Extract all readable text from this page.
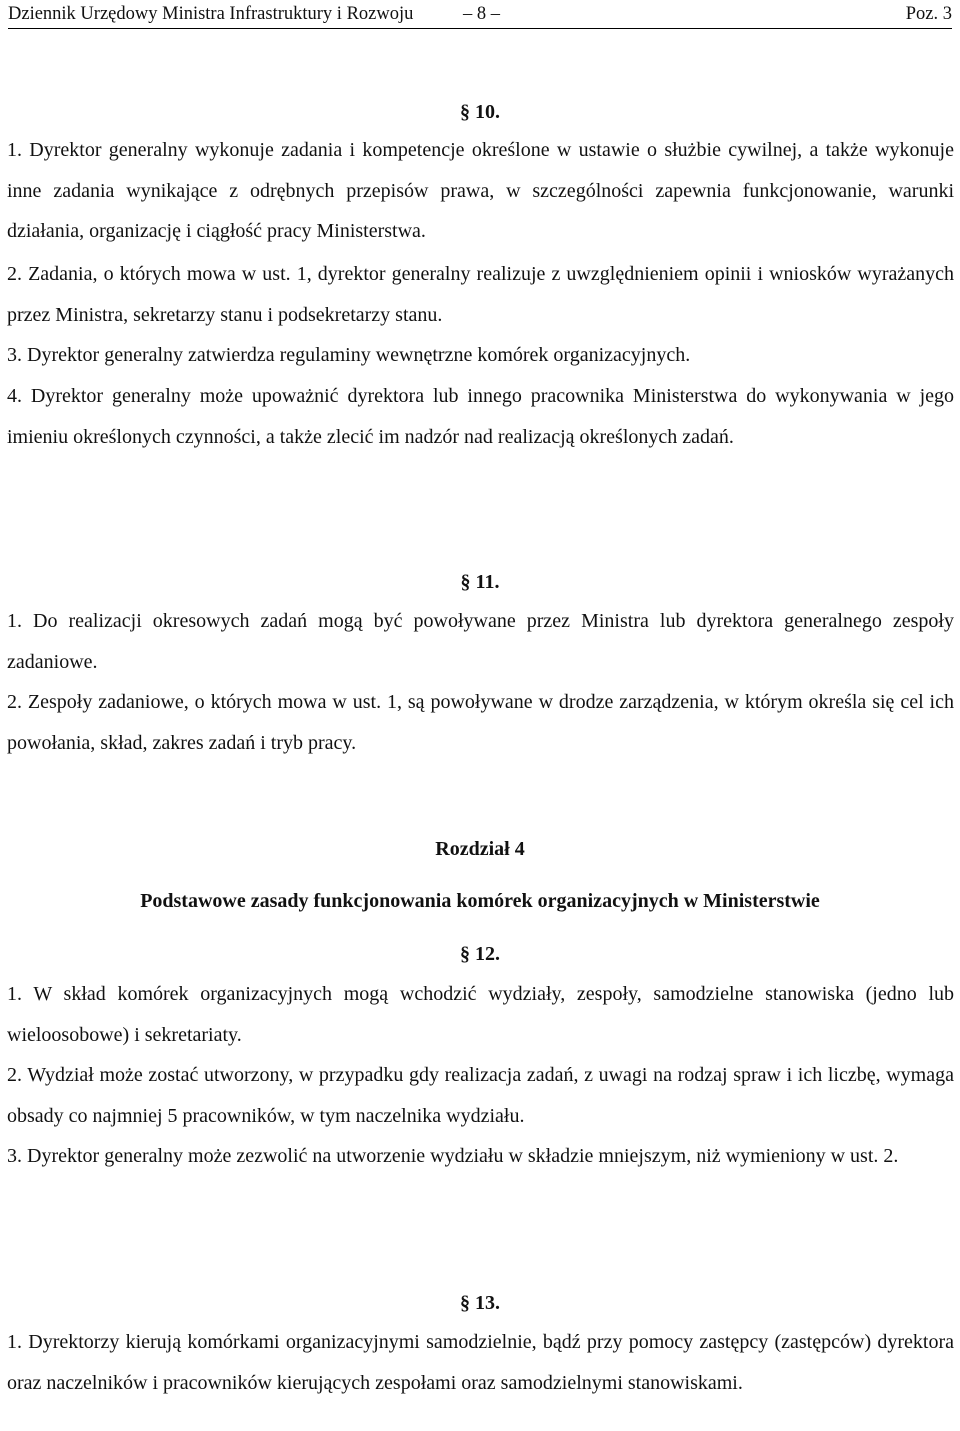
Dziennik Urzędowy Ministra Infrastruktury i Rozwoju	– 8 –	Poz. 3
§ 10.

1. Dyrektor generalny wykonuje zadania i kompetencje określone w ustawie o służbie cywilnej, a także wykonuje inne zadania wynikające z odrębnych przepisów prawa, w szczególności zapewnia funkcjonowanie, warunki działania, organizację i ciągłość pracy Ministerstwa.

2. Zadania, o których mowa w ust. 1, dyrektor generalny realizuje z uwzględnieniem opinii i wniosków wyrażanych przez Ministra, sekretarzy stanu i podsekretarzy stanu.

3. Dyrektor generalny zatwierdza regulaminy wewnętrzne komórek organizacyjnych.

4. Dyrektor generalny może upoważnić dyrektora lub innego pracownika Ministerstwa do wykonywania w jego imieniu określonych czynności, a także zlecić im nadzór nad realizacją określonych zadań.

§ 11.

1. Do realizacji okresowych zadań mogą być powoływane przez Ministra lub dyrektora generalnego zespoły zadaniowe.

2. Zespoły zadaniowe, o których mowa w ust. 1, są powoływane w drodze zarządzenia, w którym określa się cel ich powołania, skład, zakres zadań i tryb pracy.

Rozdział 4
Podstawowe zasady funkcjonowania komórek organizacyjnych w Ministerstwie
§ 12.

1. W skład komórek organizacyjnych mogą wchodzić wydziały, zespoły, samodzielne stanowiska (jedno lub wieloosobowe) i sekretariaty.

2. Wydział może zostać utworzony, w przypadku gdy realizacja zadań, z uwagi na rodzaj spraw i ich liczbę, wymaga obsady co najmniej 5 pracowników, w tym naczelnika wydziału.

3. Dyrektor generalny może zezwolić na utworzenie wydziału w składzie mniejszym, niż wymieniony w ust. 2.

§ 13.

1. Dyrektorzy kierują komórkami organizacyjnymi samodzielnie, bądź przy pomocy zastępcy (zastępców) dyrektora oraz naczelników i pracowników kierujących zespołami oraz samodzielnymi stanowiskami.
